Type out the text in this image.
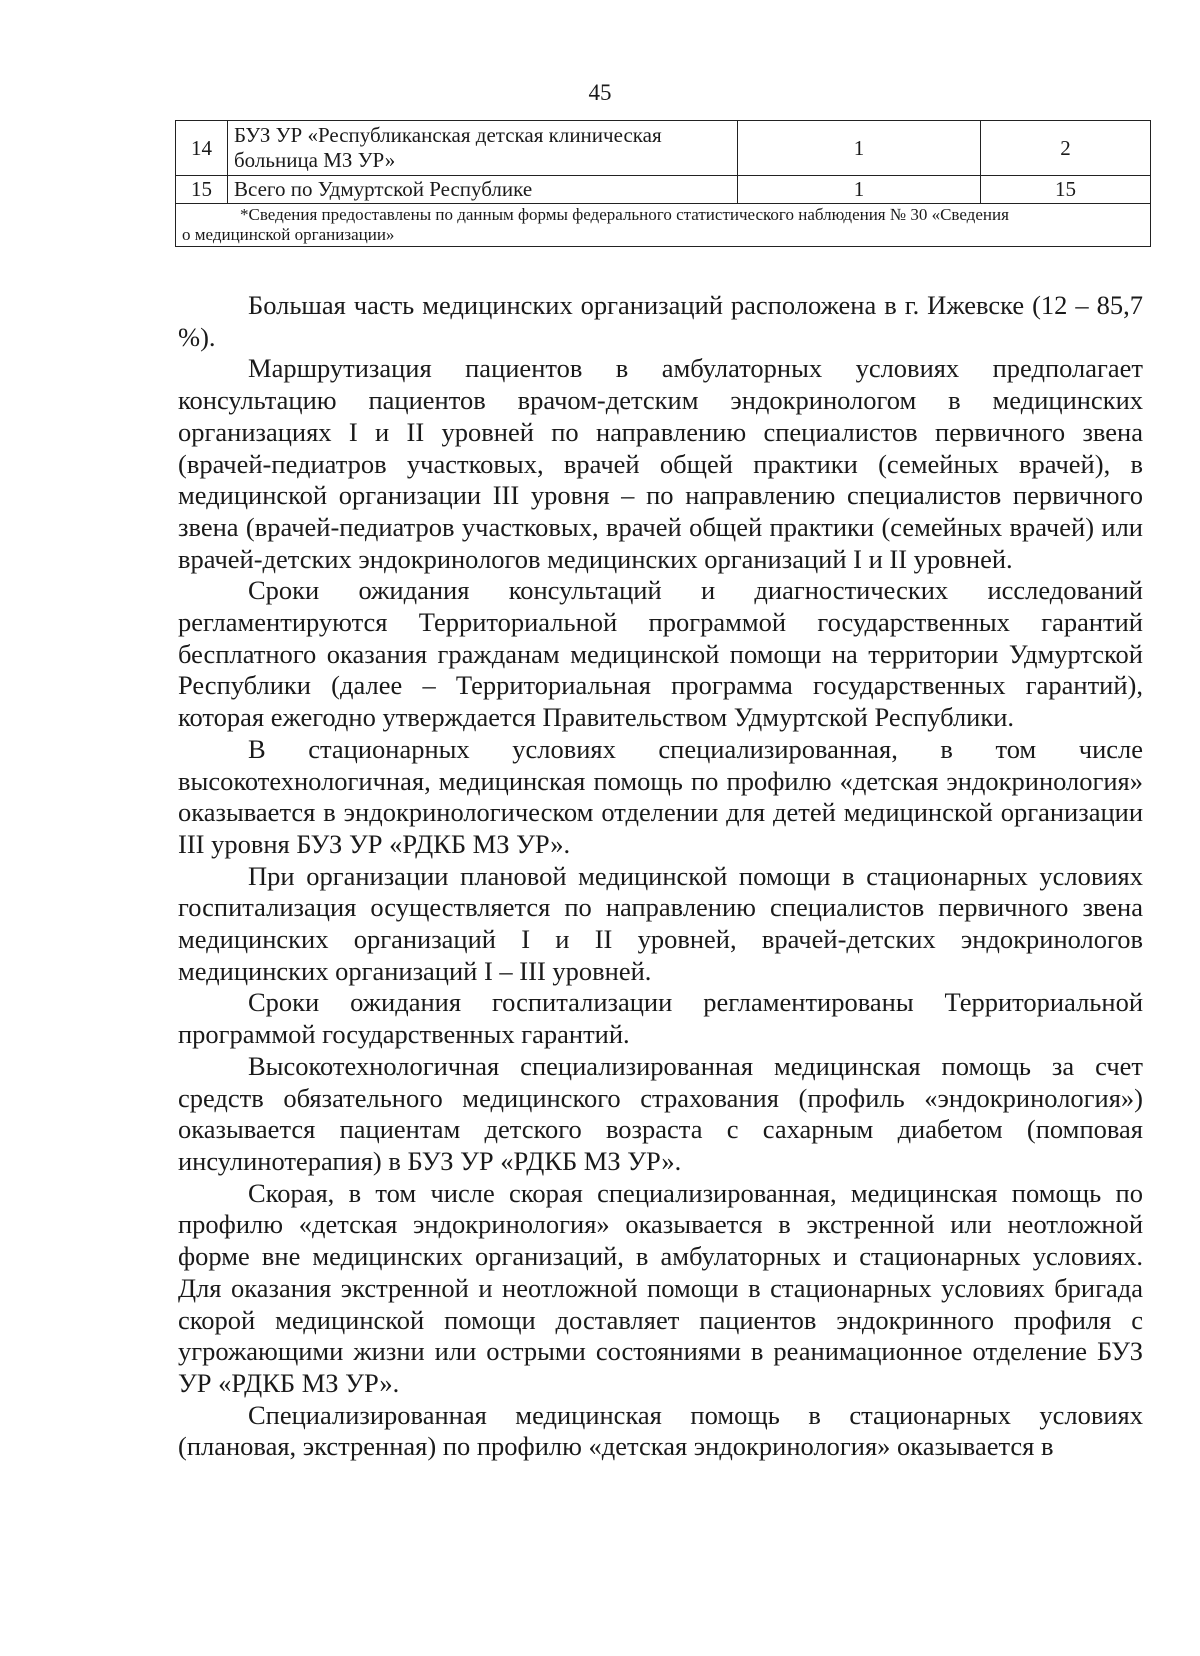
45
14	БУЗ УР «Республиканская детская клиническая больница МЗ УР»	1	2
15	Всего по Удмуртской Республике	1	15

*Сведения предоставлены по данным формы федерального статистического наблюдения № 30 «Сведения
о медицинской организации»			

Большая часть медицинских организаций расположена в г. Ижевске (12 – 85,7 %).

Маршрутизация пациентов в амбулаторных условиях предполагает консультацию пациентов врачом-детским эндокринологом в медицинских организациях I и II уровней по направлению специалистов первичного звена (врачей-педиатров участковых, врачей общей практики (семейных врачей), в медицинской организации III уровня – по направлению специалистов первичного звена (врачей-педиатров участковых, врачей общей практики (семейных врачей) или врачей-детских эндокринологов медицинских организаций I и II уровней.

Сроки ожидания консультаций и диагностических исследований регламентируются Территориальной программой государственных гарантий бесплатного оказания гражданам медицинской помощи на территории Удмуртской Республики (далее – Территориальная программа государственных гарантий), которая ежегодно утверждается Правительством Удмуртской Республики.

В стационарных условиях специализированная, в том числе высокотехнологичная, медицинская помощь по профилю «детская эндокринология» оказывается в эндокринологическом отделении для детей медицинской организации III уровня БУЗ УР «РДКБ МЗ УР».

При организации плановой медицинской помощи в стационарных условиях госпитализация осуществляется по направлению специалистов первичного звена медицинских организаций I и II уровней, врачей-детских эндокринологов медицинских организаций I – III уровней.

Сроки ожидания госпитализации регламентированы Территориальной программой государственных гарантий.

Высокотехнологичная специализированная медицинская помощь за счет средств обязательного медицинского страхования (профиль «эндокринология») оказывается пациентам детского возраста с сахарным диабетом (помповая инсулинотерапия) в БУЗ УР «РДКБ МЗ УР».

Скорая, в том числе скорая специализированная, медицинская помощь по профилю «детская эндокринология» оказывается в экстренной или неотложной форме вне медицинских организаций, в амбулаторных и стационарных условиях. Для оказания экстренной и неотложной помощи в стационарных условиях бригада скорой медицинской помощи доставляет пациентов эндокринного профиля с угрожающими жизни или острыми состояниями в реанимационное отделение БУЗ УР «РДКБ МЗ УР».

Специализированная медицинская помощь в стационарных условиях (плановая, экстренная) по профилю «детская эндокринология» оказывается в
